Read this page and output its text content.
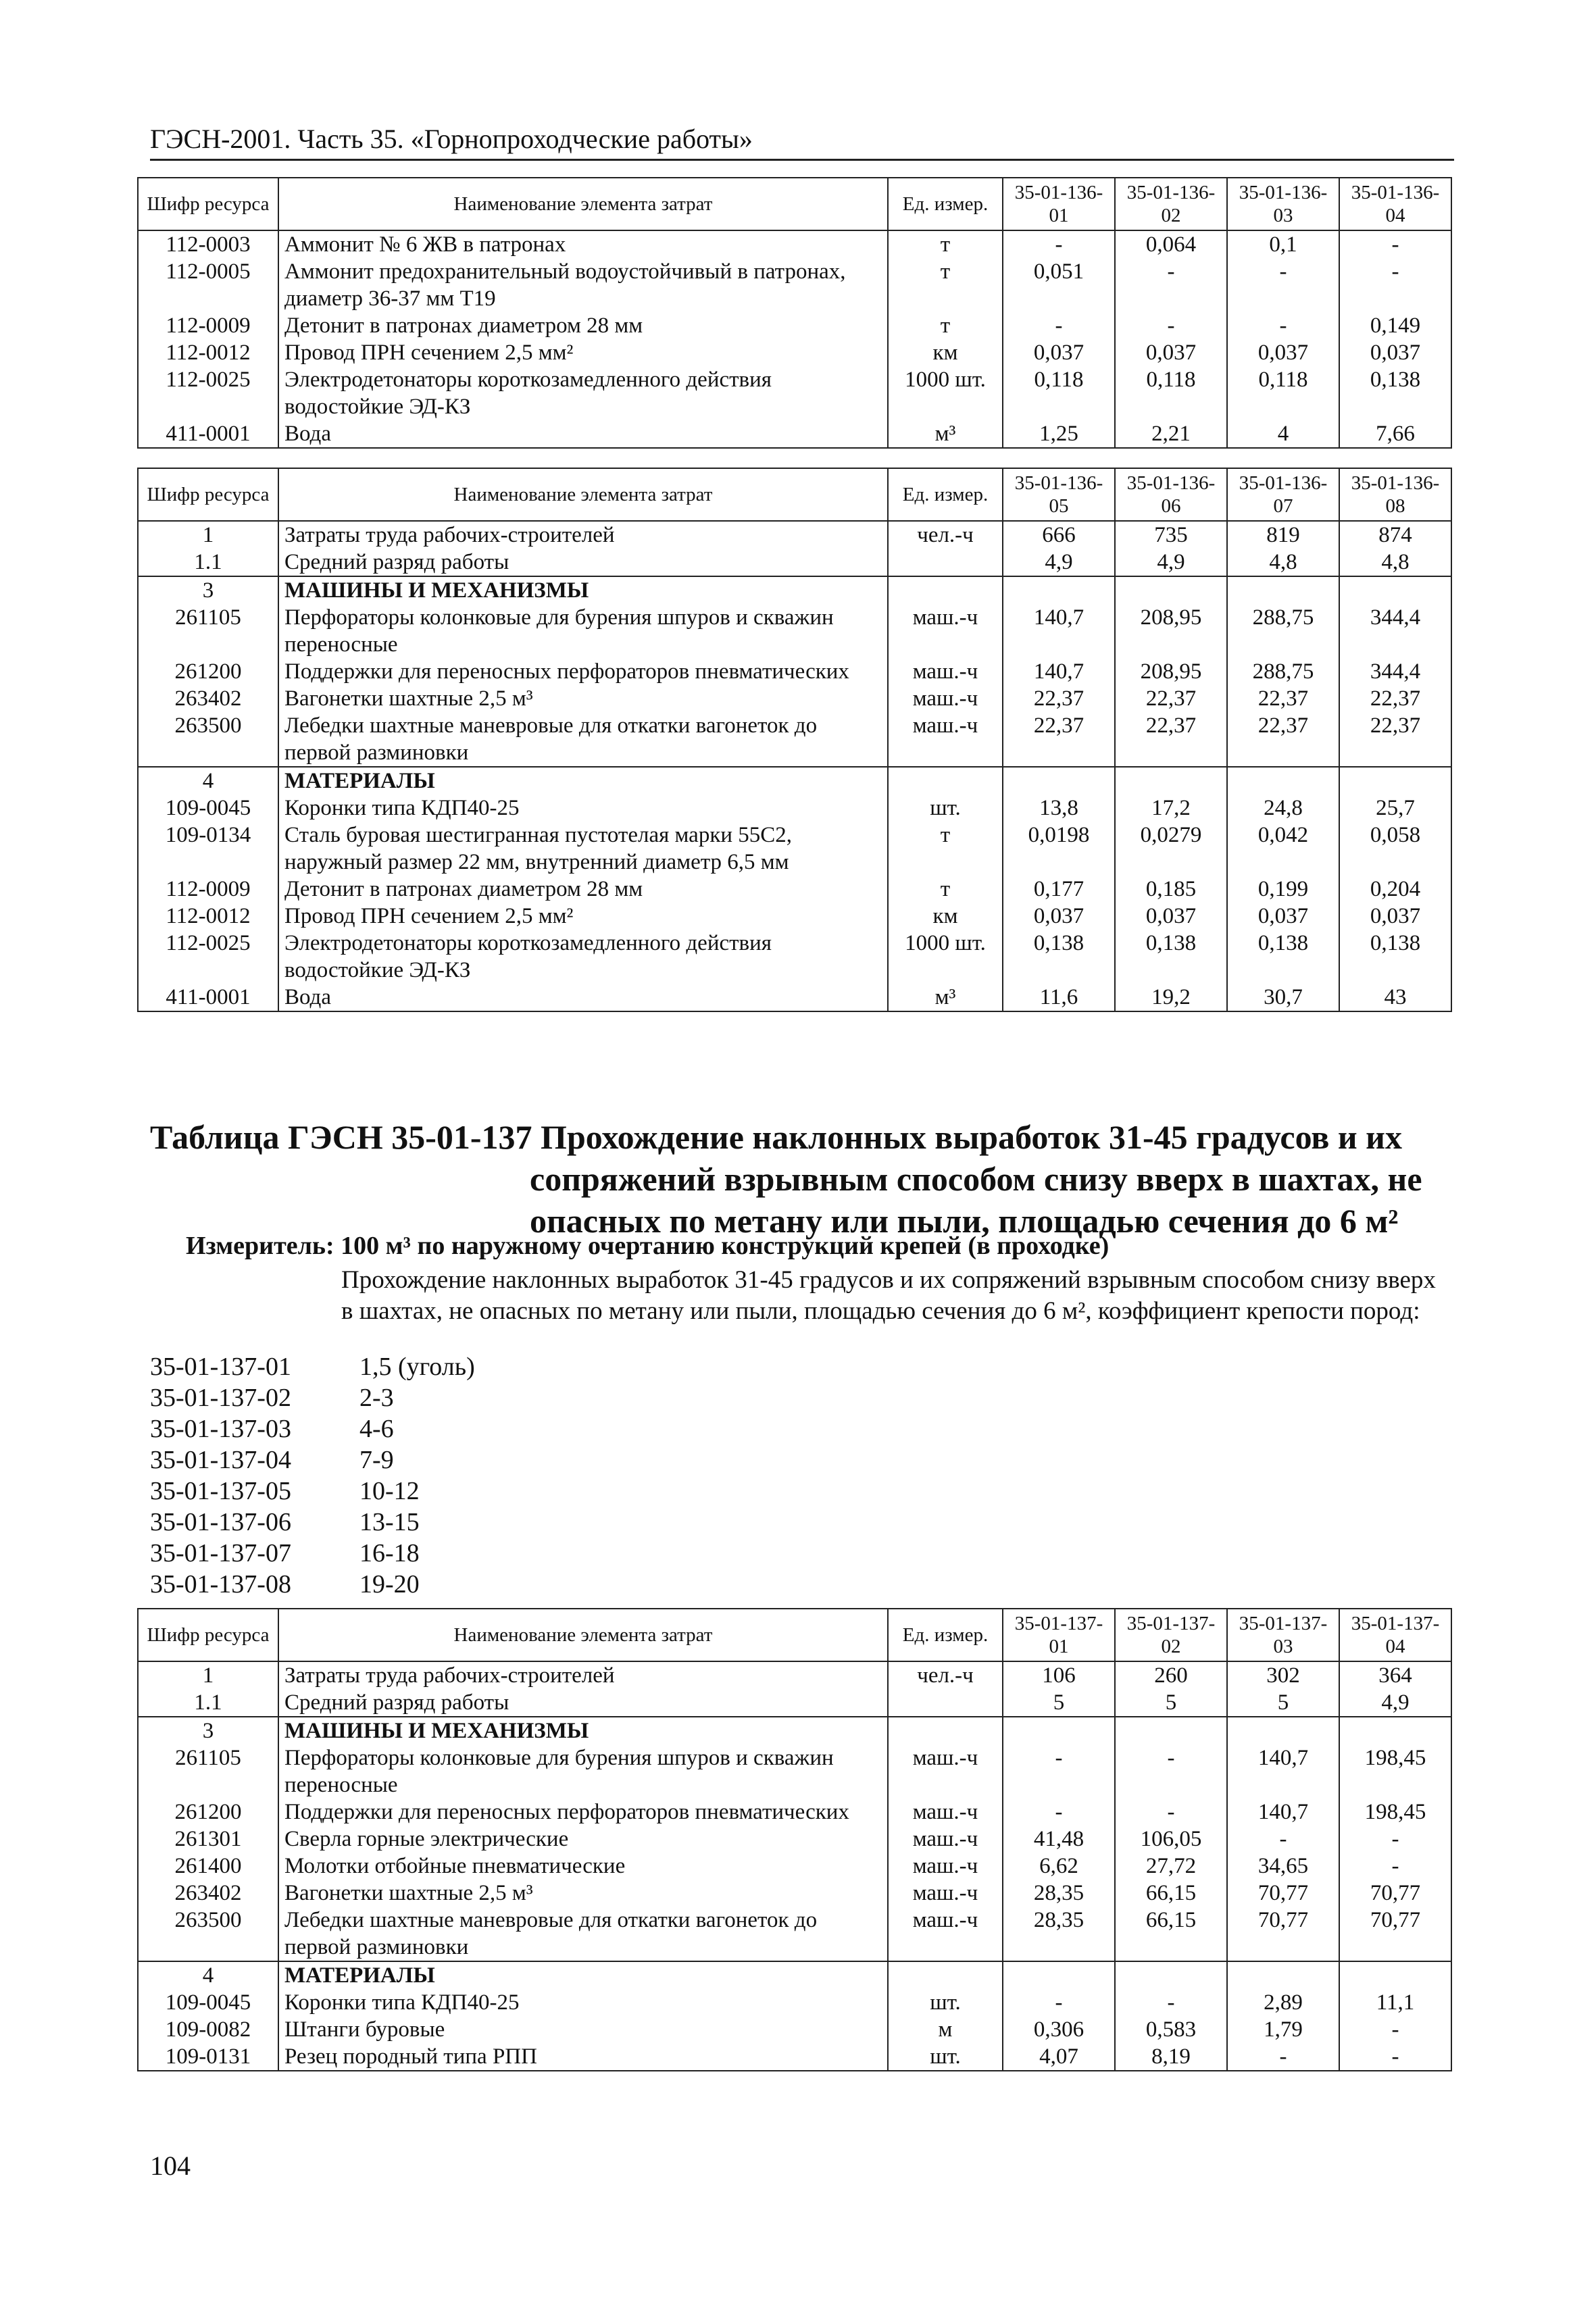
ГЭСН-2001. Часть 35. «Горнопроходческие работы»
Шифр ресурса	Наименование элемента затрат	Ед. измер.	35-01-136-01	35-01-136-02	35-01-136-03	35-01-136-04
112-0003	Аммонит № 6 ЖВ в патронах	т	-	0,064	0,1	-
112-0005	Аммонит предохранительный водоустойчивый в патронах, диаметр 36-37 мм Т19	т	0,051	-	-	-
112-0009	Детонит в патронах диаметром 28 мм	т	-	-	-	0,149
112-0012	Провод ПРН сечением 2,5 мм²	км	0,037	0,037	0,037	0,037
112-0025	Электродетонаторы короткозамедленного действия водостойкие ЭД-КЗ	1000 шт.	0,118	0,118	0,118	0,138
411-0001	Вода	м³	1,25	2,21	4	7,66
Шифр ресурса	Наименование элемента затрат	Ед. измер.	35-01-136-05	35-01-136-06	35-01-136-07	35-01-136-08
1	Затраты труда рабочих-строителей	чел.-ч	666	735	819	874
1.1	Средний разряд работы		4,9	4,9	4,8	4,8
3	МАШИНЫ И МЕХАНИЗМЫ					
261105	Перфораторы колонковые для бурения шпуров и скважин переносные	маш.-ч	140,7	208,95	288,75	344,4
261200	Поддержки для переносных перфораторов пневматических	маш.-ч	140,7	208,95	288,75	344,4
263402	Вагонетки шахтные 2,5 м³	маш.-ч	22,37	22,37	22,37	22,37
263500	Лебедки шахтные маневровые для откатки вагонеток до первой разминовки	маш.-ч	22,37	22,37	22,37	22,37
4	МАТЕРИАЛЫ					
109-0045	Коронки типа КДП40-25	шт.	13,8	17,2	24,8	25,7
109-0134	Сталь буровая шестигранная пустотелая марки 55С2, наружный размер 22 мм, внутренний диаметр 6,5 мм	т	0,0198	0,0279	0,042	0,058
112-0009	Детонит в патронах диаметром 28 мм	т	0,177	0,185	0,199	0,204
112-0012	Провод ПРН сечением 2,5 мм²	км	0,037	0,037	0,037	0,037
112-0025	Электродетонаторы короткозамедленного действия водостойкие ЭД-КЗ	1000 шт.	0,138	0,138	0,138	0,138
411-0001	Вода	м³	11,6	19,2	30,7	43
Таблица ГЭСН 35-01-137 Прохождение наклонных выработок 31-45 градусов и их
сопряжений взрывным способом снизу вверх в шахтах, не
опасных по метану или пыли, площадью сечения до 6 м²
Измеритель: 100 м³ по наружному очертанию конструкций крепей (в проходке)
Прохождение наклонных выработок 31-45 градусов и их сопряжений взрывным способом снизу вверх в шахтах, не опасных по метану или пыли, площадью сечения до 6 м², коэффициент крепости пород:
35-01-137-01	1,5 (уголь)
35-01-137-02	2-3
35-01-137-03	4-6
35-01-137-04	7-9
35-01-137-05	10-12
35-01-137-06	13-15
35-01-137-07	16-18
35-01-137-08	19-20
Шифр ресурса	Наименование элемента затрат	Ед. измер.	35-01-137-01	35-01-137-02	35-01-137-03	35-01-137-04
1	Затраты труда рабочих-строителей	чел.-ч	106	260	302	364
1.1	Средний разряд работы		5	5	5	4,9
3	МАШИНЫ И МЕХАНИЗМЫ					
261105	Перфораторы колонковые для бурения шпуров и скважин переносные	маш.-ч	-	-	140,7	198,45
261200	Поддержки для переносных перфораторов пневматических	маш.-ч	-	-	140,7	198,45
261301	Сверла горные электрические	маш.-ч	41,48	106,05	-	-
261400	Молотки отбойные пневматические	маш.-ч	6,62	27,72	34,65	-
263402	Вагонетки шахтные 2,5 м³	маш.-ч	28,35	66,15	70,77	70,77
263500	Лебедки шахтные маневровые для откатки вагонеток до первой разминовки	маш.-ч	28,35	66,15	70,77	70,77
4	МАТЕРИАЛЫ					
109-0045	Коронки типа КДП40-25	шт.	-	-	2,89	11,1
109-0082	Штанги буровые	м	0,306	0,583	1,79	-
109-0131	Резец породный типа РПП	шт.	4,07	8,19	-	-
104
